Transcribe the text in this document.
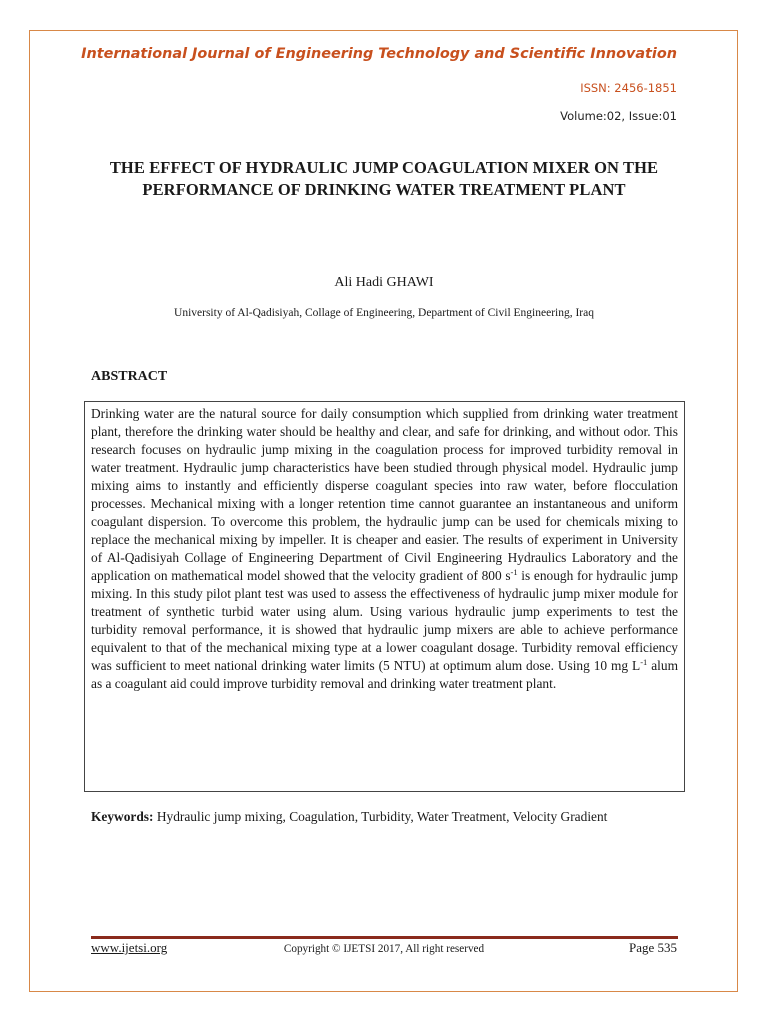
International Journal of Engineering Technology and Scientific Innovation
ISSN: 2456-1851
Volume:02, Issue:01
THE EFFECT OF HYDRAULIC JUMP COAGULATION MIXER ON THE
PERFORMANCE OF DRINKING WATER TREATMENT PLANT
Ali Hadi GHAWI
University of Al-Qadisiyah, Collage of Engineering, Department of Civil Engineering, Iraq
ABSTRACT

Drinking water are the natural source for daily consumption which supplied from drinking water treatment plant, therefore the drinking water should be healthy and clear, and safe for drinking, and without odor. This research focuses on hydraulic jump mixing in the coagulation process for improved turbidity removal in water treatment. Hydraulic jump characteristics have been studied through physical model. Hydraulic jump mixing aims to instantly and efficiently disperse coagulant species into raw water, before flocculation processes. Mechanical mixing with a longer retention time cannot guarantee an instantaneous and uniform coagulant dispersion. To overcome this problem, the hydraulic jump can be used for chemicals mixing to replace the mechanical mixing by impeller. It is cheaper and easier. The results of experiment in University of Al-Qadisiyah Collage of Engineering Department of Civil Engineering Hydraulics Laboratory and the application on mathematical model showed that the velocity gradient of 800 $s^{-1}$ is enough for hydraulic jump mixing. In this study pilot plant test was used to assess the effectiveness of hydraulic jump mixer module for treatment of synthetic turbid water using alum. Using various hydraulic jump experiments to test the turbidity removal performance, it is showed that hydraulic jump mixers are able to achieve performance equivalent to that of the mechanical mixing type at a lower coagulant dosage. Turbidity removal efficiency was sufficient to meet national drinking water limits (5 NTU) at optimum alum dose. Using 10 mg $L^{-1}$ alum as a coagulant aid could improve turbidity removal and drinking water treatment plant.

Keywords: Hydraulic jump mixing, Coagulation, Turbidity, Water Treatment, Velocity Gradient

www.ijetsi.org	Copyright © IJETSI 2017, All right reserved	Page 535
